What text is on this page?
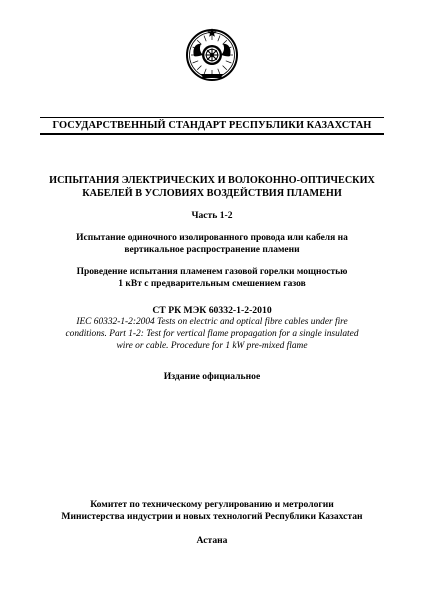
ГОСУДАРСТВЕННЫЙ СТАНДАРТ РЕСПУБЛИКИ КАЗАХСТАН
ИСПЫТАНИЯ ЭЛЕКТРИЧЕСКИХ И ВОЛОКОННО-ОПТИЧЕСКИХ
КАБЕЛЕЙ В УСЛОВИЯХ ВОЗДЕЙСТВИЯ ПЛАМЕНИ
Часть 1-2
Испытание одиночного изолированного провода или кабеля на
вертикальное распространение пламени
Проведение испытания пламенем газовой горелки мощностью
1 кВт с предварительным смешением газов
СТ РК МЭК 60332-1-2-2010
IEC 60332-1-2:2004 Tests on electric and optical fibre cables under fire
conditions. Part 1-2: Test for vertical flame propagation for a single insulated
wire or cable. Procedure for 1 kW pre-mixed flame
Издание официальное
Комитет по техническому регулированию и метрологии
Министерства индустрии и новых технологий Республики Казахстан
Астана
